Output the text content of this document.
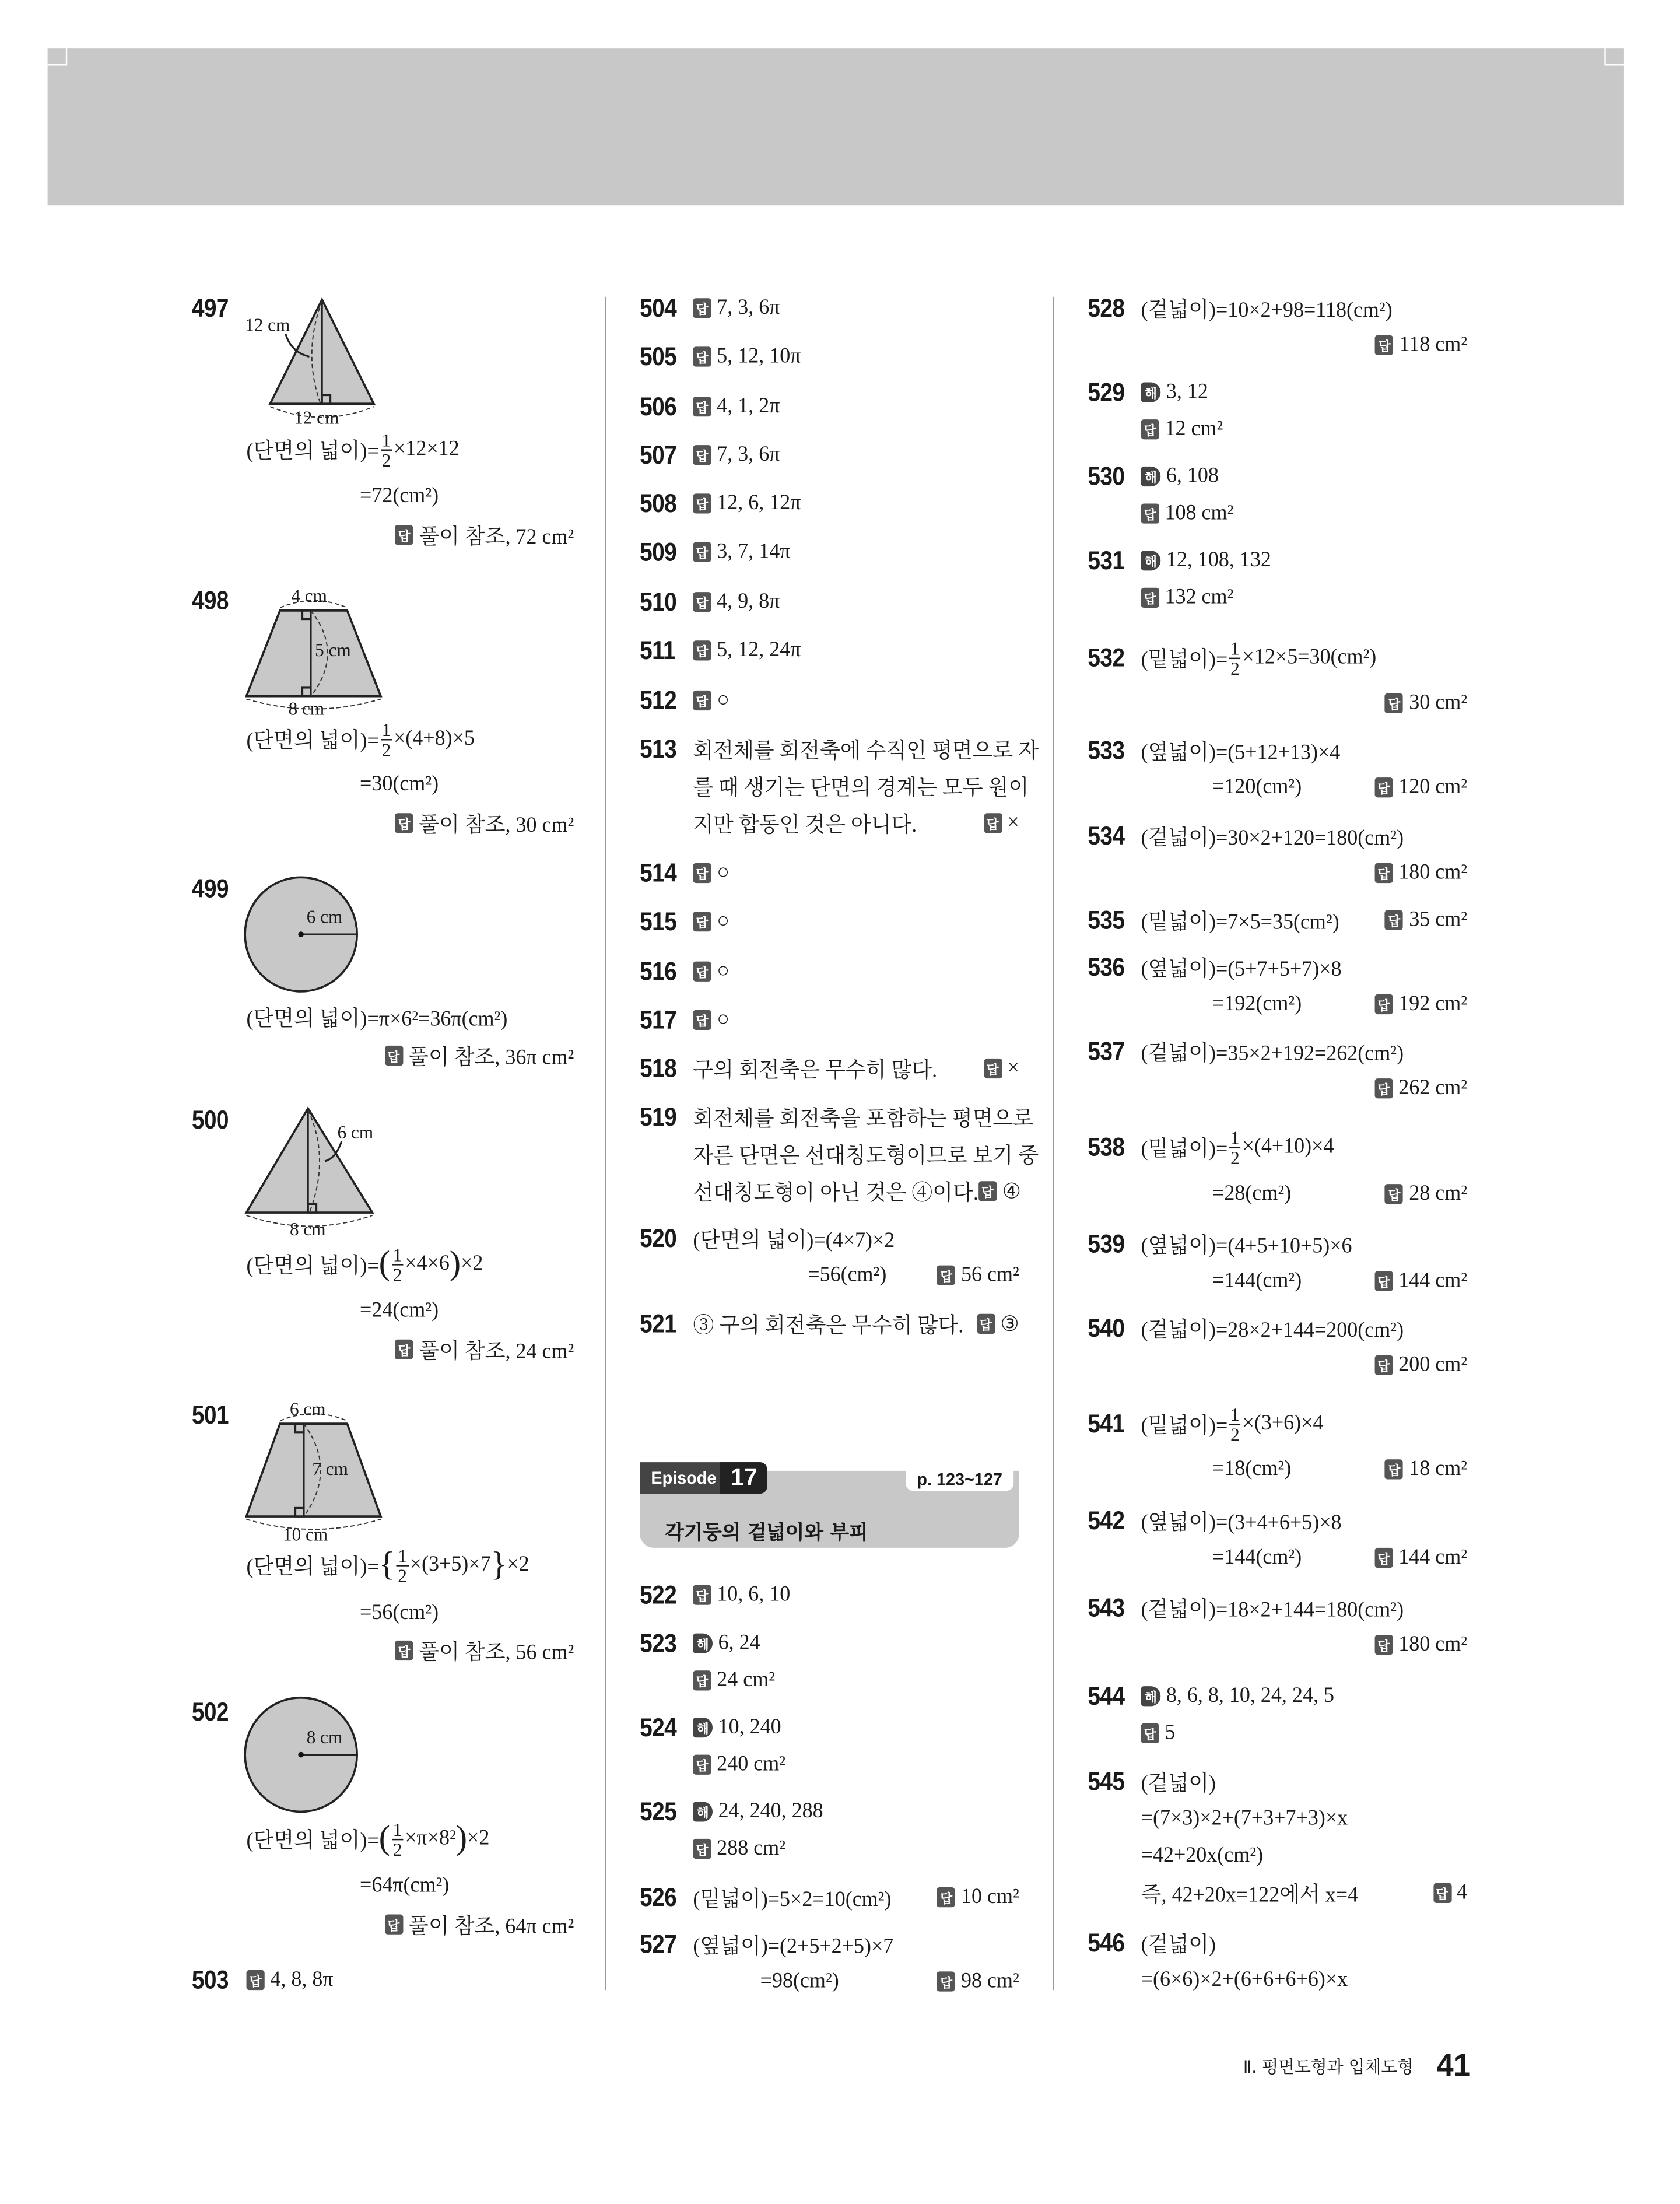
497
(단면의 넓이)= $\frac{1}{2} \times 12\times 12$
=72(cm²)
답 풀이 참조, 72 cm²
12 cm
12 cm
498
(단면의 넓이)= $\frac{1}{2} \times(4+8)\times 5$
=30(cm²)
답 풀이 참조, 30 cm²
4 cm
5 cm
8 cm
499
(단면의 넓이)=π×6²=36π(cm²)
답 풀이 참조, 36π cm²
6 cm
500
(단면의 넓이)= ( $\frac{1}{2} \times 4\times 6$ ) ×2
=24(cm²)
답 풀이 참조, 24 cm²
6 cm
8 cm
501
(단면의 넓이)= { $\frac{1}{2} \times(3+5)\times 7$ } ×2
=56(cm²)
답 풀이 참조, 56 cm²
6 cm
7 cm
10 cm
502
(단면의 넓이)= ( $\frac{1}{2} \times\pi\times 8^2$ ) ×2
=64π(cm²)
답 풀이 참조, 64π cm²
8 cm
503	답 4, 8, 8π
504	답 7, 3, 6π
505	답 5, 12, 10π
506	답 4, 1, 2π
507	답 7, 3, 6π
508	답 12, 6, 12π
509	답 3, 7, 14π
510	답 4, 9, 8π
511	답 5, 12, 24π
512	답 ○
513 회전체를 회전축에 수직인 평면으로 자
를 때 생기는 단면의 경계는 모두 원이
지만 합동인 것은 아니다.	답 ×
514	답 ○
515	답 ○
516	답 ○
517	답 ○
518 구의 회전축은 무수히 많다.	답 ×
519 회전체를 회전축을 포함하는 평면으로
자른 단면은 선대칭도형이므로 보기 중
선대칭도형이 아닌 것은 ④이다. 답 ④
520 (단면의 넓이)=(4×7)×2
=56(cm²)	답 56 cm²
521 ③ 구의 회전축은 무수히 많다.	답 ③
522	답 10, 6, 10
523	해	6, 24
답 24 cm²
524	해	10, 240
답 240 cm²
525	해	24, 240, 288
답 288 cm²
526 (밑넓이)=5×2=10(cm²)	답 10 cm²
527 (옆넓이)=(2+5+2+5)×7
=98(cm²)	답 98 cm²
528 (겉넓이)=10×2+98=118(cm²)
답 118 cm²
529	해	3, 12
답 12 cm²
530	해	6, 108
답 108 cm²
531	해	12, 108, 132
답 132 cm²
532 (밑넓이)= $\frac{1}{2} \times 12\times 5=30(cm^2)$
답 30 cm²
533 (옆넓이)=(5+12+13)×4
=120(cm²)	답 120 cm²
534 (겉넓이)=30×2+120=180(cm²)
답 180 cm²
535 (밑넓이)=7×5=35(cm²)	답 35 cm²
536 (옆넓이)=(5+7+5+7)×8
=192(cm²)	답 192 cm²
537 (겉넓이)=35×2+192=262(cm²)
답 262 cm²
538 (밑넓이)= $\frac{1}{2} \times(4+10)\times 4$
=28(cm²)	답 28 cm²
539 (옆넓이)=(4+5+10+5)×6
=144(cm²)	답 144 cm²
540 (겉넓이)=28×2+144=200(cm²)
답 200 cm²
541 (밑넓이)= $\frac{1}{2} \times(3+6)\times 4$
=18(cm²)	답 18 cm²
542 (옆넓이)=(3+4+6+5)×8
=144(cm²)	답 144 cm²
543 (겉넓이)=18×2+144=180(cm²)
답 180 cm²
544	해	8, 6, 8, 10, 24, 24, 5
답 5
545 (겉넓이)
=(7×3)×2+(7+3+7+3)×x
=42+20x(cm²)
즉, 42+20x=122에서 x=4	답 4
546 (겉넓이)
=(6×6)×2+(6+6+6+6)×x
각기둥의 겉넓이와 부피
Episode	17	p. 123~127
Ⅱ. 평면도형과 입체도형 41
